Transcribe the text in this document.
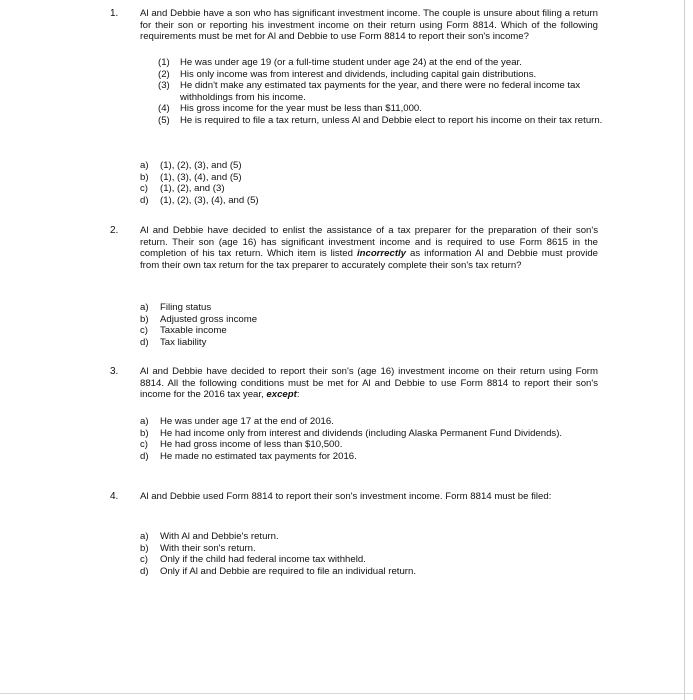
1. Al and Debbie have a son who has significant investment income. The couple is unsure about filing a return for their son or reporting his investment income on their return using Form 8814. Which of the following requirements must be met for Al and Debbie to use Form 8814 to report their son's income?
(1) He was under age 19 (or a full-time student under age 24) at the end of the year.
(2) His only income was from interest and dividends, including capital gain distributions.
(3) He didn't make any estimated tax payments for the year, and there were no federal income tax withholdings from his income.
(4) His gross income for the year must be less than $11,000.
(5) He is required to file a tax return, unless Al and Debbie elect to report his income on their tax return.
a) (1), (2), (3), and (5)
b) (1), (3), (4), and (5)
c) (1), (2), and (3)
d) (1), (2), (3), (4), and (5)
2. Al and Debbie have decided to enlist the assistance of a tax preparer for the preparation of their son's return. Their son (age 16) has significant investment income and is required to use Form 8615 in the completion of his tax return. Which item is listed incorrectly as information Al and Debbie must provide from their own tax return for the tax preparer to accurately complete their son's tax return?
a) Filing status
b) Adjusted gross income
c) Taxable income
d) Tax liability
3. Al and Debbie have decided to report their son's (age 16) investment income on their return using Form 8814. All the following conditions must be met for Al and Debbie to use Form 8814 to report their son's income for the 2016 tax year, except:
a) He was under age 17 at the end of 2016.
b) He had income only from interest and dividends (including Alaska Permanent Fund Dividends).
c) He had gross income of less than $10,500.
d) He made no estimated tax payments for 2016.
4. Al and Debbie used Form 8814 to report their son's investment income. Form 8814 must be filed:
a) With Al and Debbie's return.
b) With their son's return.
c) Only if the child had federal income tax withheld.
d) Only if Al and Debbie are required to file an individual return.
